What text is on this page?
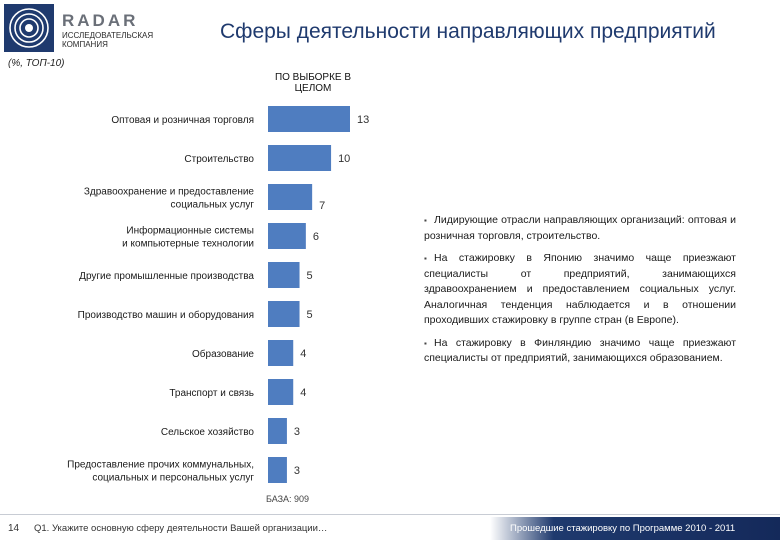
RADAR
ИССЛЕДОВАТЕЛЬСКАЯ КОМПАНИЯ
Сферы деятельности направляющих предприятий
(%, ТОП-10)
ПО ВЫБОРКЕ В ЦЕЛОМ
13
Оптовая и розничная торговля
10
Строительство
7
Здравоохранение и предоставление социальных услуг
6
Информационные системы и компьютерные технологии
5
Другие промышленные производства
5
Производство машин и оборудования
4
Образование
4
Транспорт и связь
3
Сельское хозяйство
3
Предоставление прочих коммунальных, социальных и персональных услуг
БАЗА: 909

▪ Лидирующие отрасли направляющих организаций: оптовая и розничная торговля, строительство.

▪ На стажировку в Японию значимо чаще приезжают специалисты от предприятий, занимающихся здравоохранением и предоставлением социальных услуг. Аналогичная тенденция наблюдается и в отношении проходивших стажировку в группе стран (в Европе).

▪ На стажировку в Финляндию значимо чаще приезжают специалисты от предприятий, занимающихся образованием.

14 Q1. Укажите основную сферу деятельности Вашей организации…	Прошедшие стажировку по Программе 2010 - 2011
